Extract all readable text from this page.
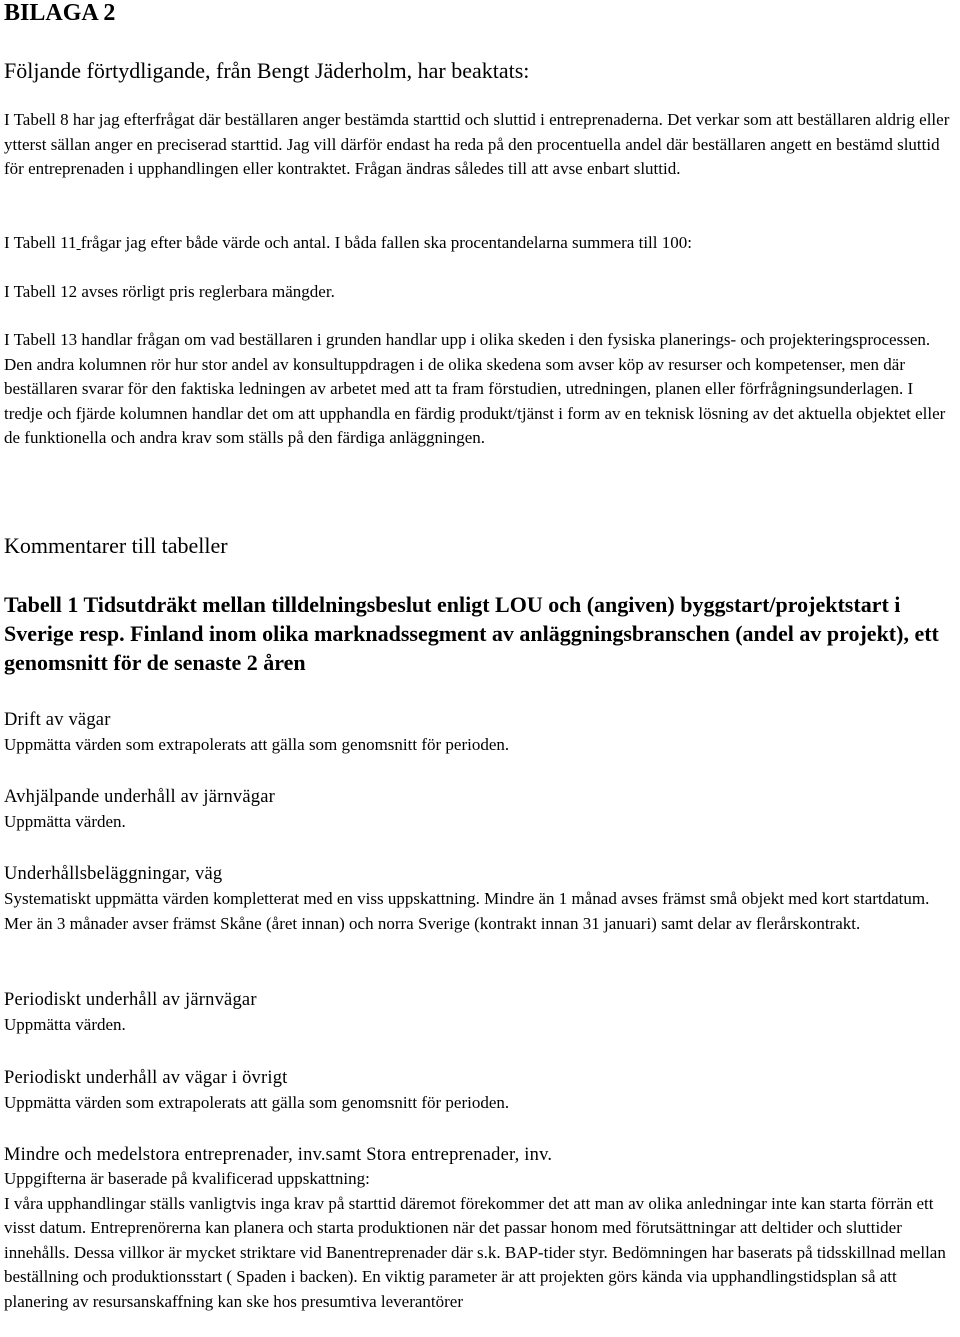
BILAGA 2
Följande förtydligande, från Bengt Jäderholm, har beaktats:

I Tabell 8 har jag efterfrågat där beställaren anger bestämda starttid och sluttid i entreprenaderna. Det verkar som att beställaren aldrig eller ytterst sällan anger en preciserad starttid. Jag vill därför endast ha reda på den procentuella andel där beställaren angett en bestämd sluttid för entreprenaden i upphandlingen eller kontraktet. Frågan ändras således till att avse enbart sluttid.

I Tabell 11 frågar jag efter både värde och antal. I båda fallen ska procentandelarna summera till 100:

I Tabell 12 avses rörligt pris reglerbara mängder.

I Tabell 13 handlar frågan om vad beställaren i grunden handlar upp i olika skeden i den fysiska planerings- och projekteringsprocessen. Den andra kolumnen rör hur stor andel av konsultuppdragen i de olika skedena som avser köp av resurser och kompetenser, men där beställaren svarar för den faktiska ledningen av arbetet med att ta fram förstudien, utredningen, planen eller förfrågningsunderlagen. I tredje och fjärde kolumnen handlar det om att upphandla en färdig produkt/tjänst i form av en teknisk lösning av det aktuella objektet eller de funktionella och andra krav som ställs på den färdiga anläggningen.

Kommentarer till tabeller
Tabell 1 Tidsutdräkt mellan tilldelningsbeslut enligt LOU och (angiven) byggstart/projektstart i Sverige resp. Finland inom olika marknadssegment av anläggningsbranschen (andel av projekt), ett genomsnitt för de senaste 2 åren
Drift av vägar

Uppmätta värden som extrapolerats att gälla som genomsnitt för perioden.

Avhjälpande underhåll av järnvägar

Uppmätta värden.

Underhållsbeläggningar, väg

Systematiskt uppmätta värden kompletterat med en viss uppskattning. Mindre än 1 månad avses främst små objekt med kort startdatum. Mer än 3 månader avser främst Skåne (året innan) och norra Sverige (kontrakt innan 31 januari) samt delar av flerårskontrakt.

Periodiskt underhåll av järnvägar

Uppmätta värden.

Periodiskt underhåll av vägar i övrigt

Uppmätta värden som extrapolerats att gälla som genomsnitt för perioden.

Mindre och medelstora entreprenader, inv.samt Stora entreprenader, inv.

Uppgifterna är baserade på kvalificerad uppskattning:
I våra upphandlingar ställs vanligtvis inga krav på starttid däremot förekommer det att man av olika anledningar inte kan starta förrän ett visst datum. Entreprenörerna kan planera och starta produktionen när det passar honom med förutsättningar att deltider och sluttider innehålls. Dessa villkor är mycket striktare vid Banentreprenader där s.k. BAP-tider styr. Bedömningen har baserats på tidsskillnad mellan beställning och produktionsstart ( Spaden i backen). En viktig parameter är att projekten görs kända via upphandlingstidsplan så att planering av resursanskaffning kan ske hos presumtiva leverantörer
